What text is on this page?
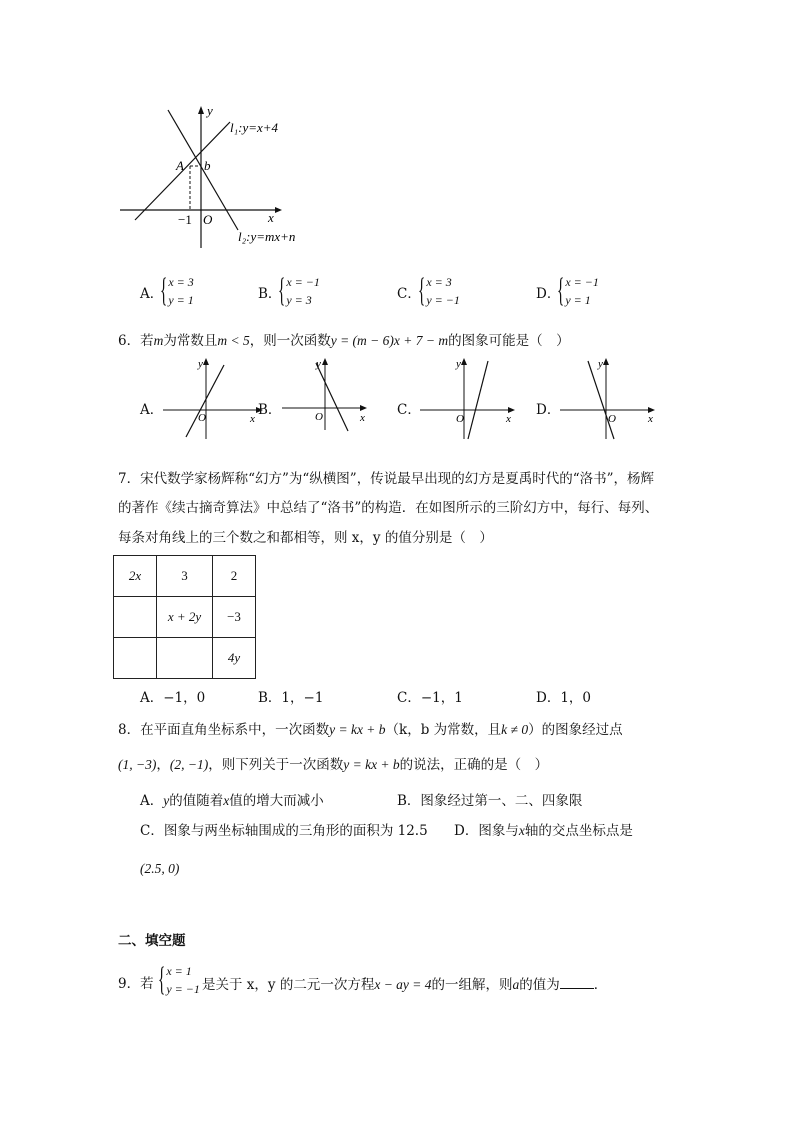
l₁:y=x+4
l₂:y=mx+n
y
x
A b
−1 O
A．
{ x = 3
y = 1	B．
{ x = −1
y = 3	C．
{ x = 3
y = −1	D．
{ x = −1
y = 1
6．若m为常数且m < 5，则一次函数y = (m − 6)x + 7 − m的图象可能是（　）
A．
y
x
O	B．
y
x
O	C．
y
x
O
D．
y
x
O
7．宋代数学家杨辉称“幻方”为“纵横图”，传说最早出现的幻方是夏禹时代的“洛书”，杨辉
的著作《续古摘奇算法》中总结了“洛书”的构造．在如图所示的三阶幻方中，每行、每列、
每条对角线上的三个数之和都相等，则 x，y 的值分别是（　）
2x	3	2
	x + 2y	−3
		4y
A．−1，0	B．1，−1	C．−1，1	D．1，0
8．在平面直角坐标系中，一次函数y = kx + b（k，b 为常数，且k ≠ 0）的图象经过点
(1, −3)，(2, −1)，则下列关于一次函数y = kx + b的说法，正确的是（　）
A．y的值随着x值的增大而减小	B．图象经过第一、二、四象限
C．图象与两坐标轴围成的三角形的面积为 12.5 D．图象与x轴的交点坐标点是
(2.5, 0)
二、填空题
9．若 { x = 1
y = −1 是关于 x，y 的二元一次方程x − ay = 4的一组解，则a的值为	．
